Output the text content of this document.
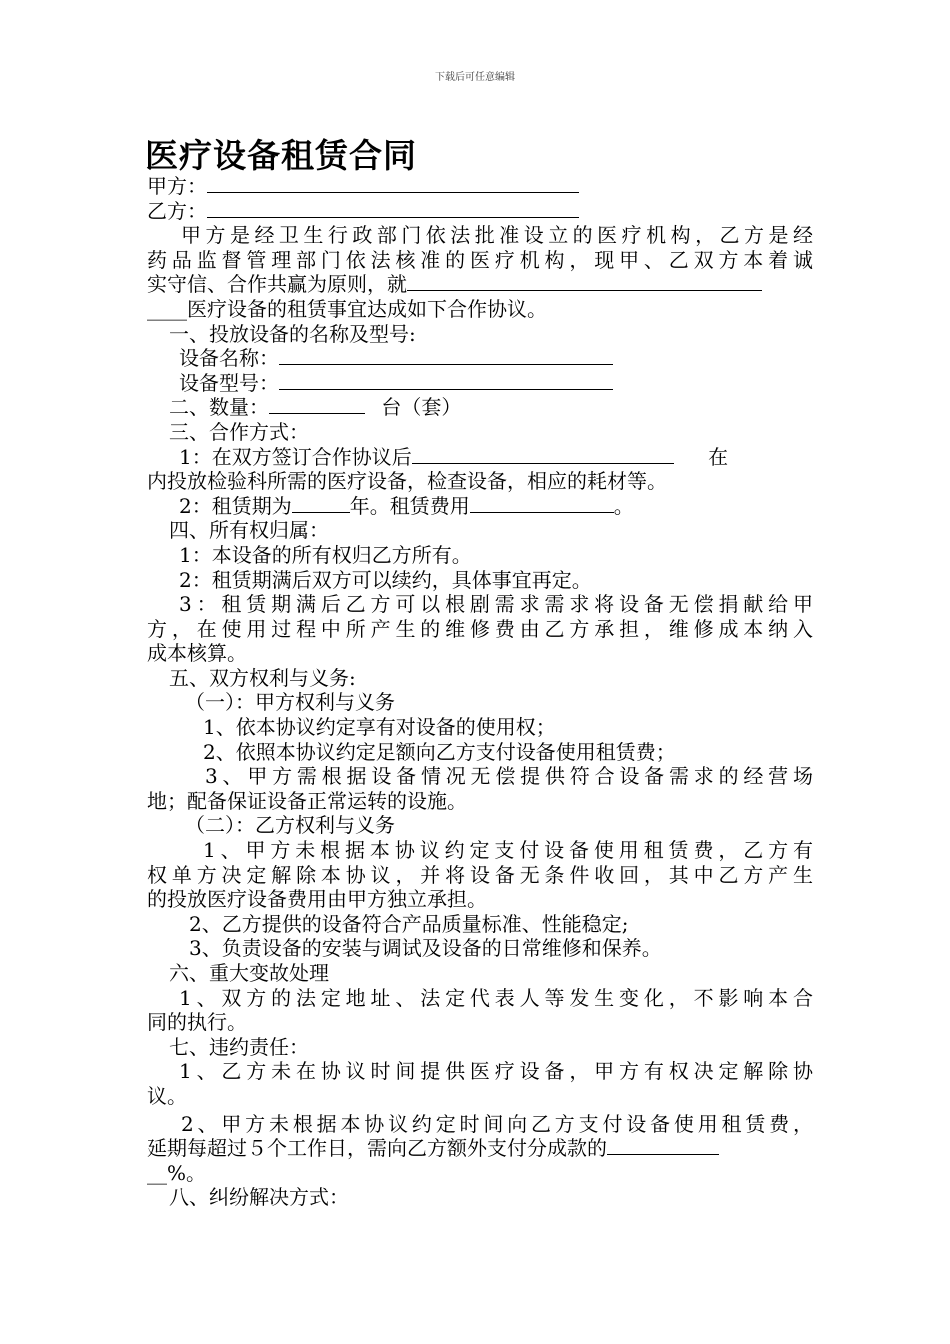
下载后可任意编辑
医疗设备租赁合同
甲方：
乙方：
甲方是经卫生行政部门依法批准设立的医疗机构，乙方是经
药品监督管理部门依法核准的医疗机构，现甲、乙双方本着诚
实守信、合作共赢为原则，就
____医疗设备的租赁事宜达成如下合作协议。
一、投放设备的名称及型号:
设备名称：
设备型号：
二、数量：	台（套）
三、合作方式：
1：在双方签订合作协议后	在
内投放检验科所需的医疗设备，检查设备，相应的耗材等。
2：租赁期为	年。租赁费用	。
四、所有权归属：
1：本设备的所有权归乙方所有。
2：租赁期满后双方可以续约，具体事宜再定。
3：租赁期满后乙方可以根剧需求需求将设备无偿捐献给甲
方，在使用过程中所产生的维修费由乙方承担，维修成本纳入
成本核算。
五、双方权利与义务:
（一）：甲方权利与义务
1、依本协议约定享有对设备的使用权；
2、依照本协议约定足额向乙方支付设备使用租赁费；
3、甲方需根据设备情况无偿提供符合设备需求的经营场
地；配备保证设备正常运转的设施。
（二）：乙方权利与义务
1、甲方未根据本协议约定支付设备使用租赁费，乙方有
权单方决定解除本协议，并将设备无条件收回，其中乙方产生
的投放医疗设备费用由甲方独立承担。
2、乙方提供的设备符合产品质量标准、性能稳定;
3、负责设备的安装与调试及设备的日常维修和保养。
六、重大变故处理
1、双方的法定地址、法定代表人等发生变化，不影响本合
同的执行。
七、违约责任：
1、乙方未在协议时间提供医疗设备，甲方有权决定解除协
议。
2、甲方未根据本协议约定时间向乙方支付设备使用租赁费，
延期每超过５个工作日，需向乙方额外支付分成款的
__%。
八、纠纷解决方式：
